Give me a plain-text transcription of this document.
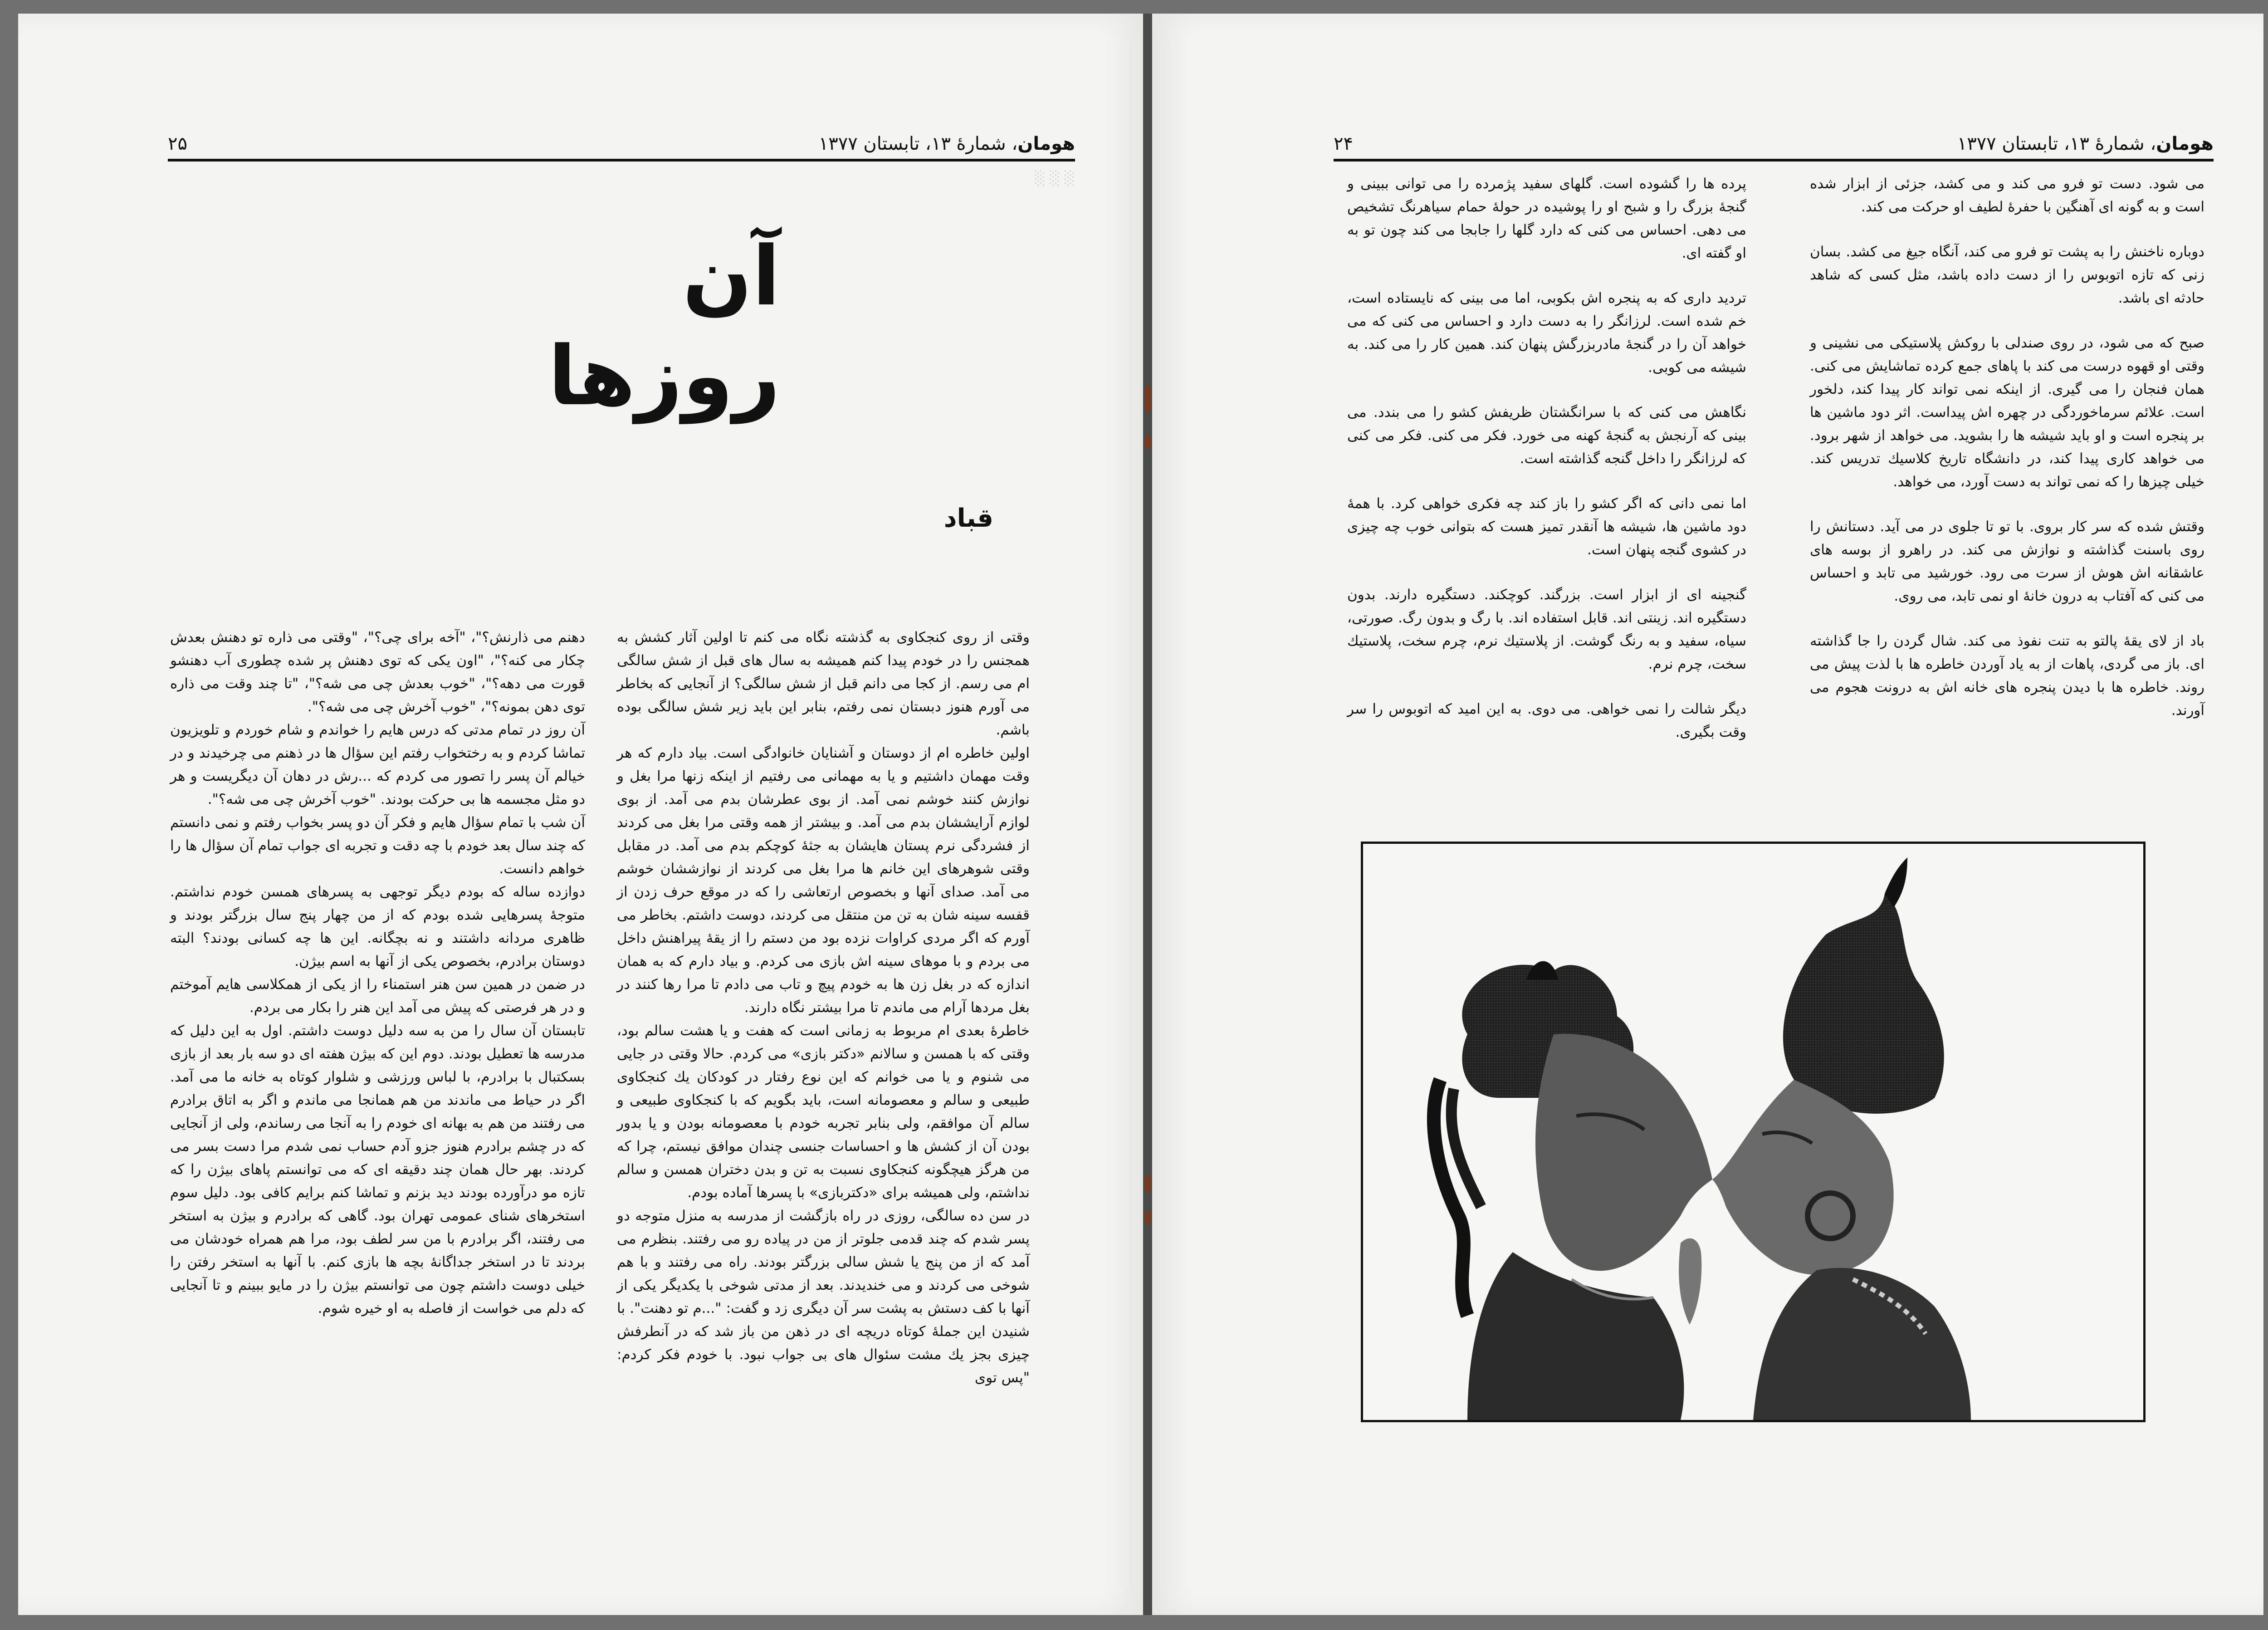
░ ░ ░
هومان، شمارهٔ ۱۳، تابستان ۱۳۷۷
۲۵
آن روزها
قباد

وقتی از روی کنجکاوی به گذشته نگاه می کنم تا اولین آثار کشش به همجنس را در خودم پیدا کنم همیشه به سال های قبل از شش سالگی ام می رسم. از کجا می دانم قبل از شش سالگی؟ از آنجایی که بخاطر می آورم هنوز دبستان نمی رفتم، بنابر این باید زیر شش سالگی بوده باشم.

اولین خاطره ام از دوستان و آشنایان خانوادگی است. بیاد دارم که هر وقت مهمان داشتیم و یا به مهمانی می رفتیم از اینکه زنها مرا بغل و نوازش کنند خوشم نمی آمد. از بوی عطرشان بدم می آمد. از بوی لوازم آرایششان بدم می آمد. و بیشتر از همه وقتی مرا بغل می کردند از فشردگی نرم پستان هایشان به جثهٔ کوچکم بدم می آمد. در مقابل وقتی شوهرهای این خانم ها مرا بغل می کردند از نوازششان خوشم می آمد. صدای آنها و بخصوص ارتعاشی را که در موقع حرف زدن از قفسه سینه شان به تن من منتقل می کردند، دوست داشتم. بخاطر می آورم که اگر مردی کراوات نزده بود من دستم را از یقهٔ پیراهنش داخل می بردم و با موهای سینه اش بازی می کردم. و بیاد دارم که به همان اندازه که در بغل زن ها به خودم پیچ و تاب می دادم تا مرا رها کنند در بغل مردها آرام می ماندم تا مرا بیشتر نگاه دارند.

خاطرهٔ بعدی ام مربوط به زمانی است که هفت و یا هشت سالم بود، وقتی که با همسن و سالانم «دکتر بازی» می کردم. حالا وقتی در جایی می شنوم و یا می خوانم که این نوع رفتار در کودکان یك کنجکاوی طبیعی و سالم و معصومانه است، باید بگویم که با کنجکاوی طبیعی و سالم آن موافقم، ولی بنابر تجربه خودم با معصومانه بودن و یا بدور بودن آن از کشش ها و احساسات جنسی چندان موافق نیستم، چرا که من هرگز هیچگونه کنجکاوی نسبت به تن و بدن دختران همسن و سالم نداشتم، ولی همیشه برای «دکتربازی» با پسرها آماده بودم.

در سن ده سالگی، روزی در راه بازگشت از مدرسه به منزل متوجه دو پسر شدم که چند قدمی جلوتر از من در پیاده رو می رفتند. بنظرم می آمد که از من پنج یا شش سالی بزرگتر بودند. راه می رفتند و با هم شوخی می کردند و می خندیدند. بعد از مدتی شوخی با یکدیگر یکی از آنها با کف دستش به پشت سر آن دیگری زد و گفت: "...م تو دهنت". با شنیدن این جملهٔ کوتاه دریچه ای در ذهن من باز شد که در آنطرفش چیزی بجز یك مشت سئوال های بی جواب نبود. با خودم فکر کردم: "پس توی

دهنم می ذارنش؟"، "آخه برای چی؟"، "وقتی می ذاره تو دهنش بعدش چکار می کنه؟"، "اون یکی که توی دهنش پر شده چطوری آب دهنشو قورت می دهه؟"، "خوب بعدش چی می شه؟"، "تا چند وقت می ذاره توی دهن بمونه؟"، "خوب آخرش چی می شه؟".

آن روز در تمام مدتی که درس هایم را خواندم و شام خوردم و تلویزیون تماشا کردم و به رختخواب رفتم این سؤال ها در ذهنم می چرخیدند و در خیالم آن پسر را تصور می کردم که ...رش در دهان آن دیگریست و هر دو مثل مجسمه ها بی حرکت بودند. "خوب آخرش چی می شه؟".

آن شب با تمام سؤال هایم و فکر آن دو پسر بخواب رفتم و نمی دانستم که چند سال بعد خودم با چه دقت و تجربه ای جواب تمام آن سؤال ها را خواهم دانست.

دوازده ساله که بودم دیگر توجهی به پسرهای همسن خودم نداشتم. متوجهٔ پسرهایی شده بودم که از من چهار پنج سال بزرگتر بودند و ظاهری مردانه داشتند و نه بچگانه. این ها چه کسانی بودند؟ البته دوستان برادرم، بخصوص یکی از آنها به اسم بیژن.

در ضمن در همین سن هنر استمناء را از یکی از همکلاسی هایم آموختم و در هر فرصتی که پیش می آمد این هنر را بکار می بردم.

تابستان آن سال را من به سه دلیل دوست داشتم. اول به این دلیل که مدرسه ها تعطیل بودند. دوم این که بیژن هفته ای دو سه بار بعد از بازی بسکتبال با برادرم، با لباس ورزشی و شلوار کوتاه به خانه ما می آمد. اگر در حیاط می ماندند من هم همانجا می ماندم و اگر به اتاق برادرم می رفتند من هم به بهانه ای خودم را به آنجا می رساندم، ولی از آنجایی که در چشم برادرم هنوز جزو آدم حساب نمی شدم مرا دست بسر می کردند. بهر حال همان چند دقیقه ای که می توانستم پاهای بیژن را که تازه مو درآورده بودند دید بزنم و تماشا کنم برایم کافی بود. دلیل سوم استخرهای شنای عمومی تهران بود. گاهی که برادرم و بیژن به استخر می رفتند، اگر برادرم با من سر لطف بود، مرا هم همراه خودشان می بردند تا در استخر جداگانهٔ بچه ها بازی کنم. با آنها به استخر رفتن را خیلی دوست داشتم چون می توانستم بیژن را در مایو ببینم و تا آنجایی که دلم می خواست از فاصله به او خیره شوم.

هومان، شمارهٔ ۱۳، تابستان ۱۳۷۷
۲۴

می شود. دست تو فرو می کند و می کشد، جزئی از ابزار شده است و به گونه ای آهنگین با حفرهٔ لطیف او حرکت می کند.

دوباره ناخنش را به پشت تو فرو می کند، آنگاه جیغ می کشد. بسان زنی که تازه اتوبوس را از دست داده باشد، مثل کسی که شاهد حادثه ای باشد.

صبح که می شود، در روی صندلی با روکش پلاستیکی می نشینی و وقتی او قهوه درست می کند با پاهای جمع کرده تماشایش می کنی. همان فنجان را می گیری. از اینکه نمی تواند کار پیدا کند، دلخور است. علائم سرماخوردگی در چهره اش پیداست. اثر دود ماشین ها بر پنجره است و او باید شیشه ها را بشوید. می خواهد از شهر برود. می خواهد کاری پیدا کند، در دانشگاه تاریخ کلاسیك تدریس کند. خیلی چیزها را که نمی تواند به دست آورد، می خواهد.

وقتش شده که سر کار بروی. با تو تا جلوی در می آید. دستانش را روی باسنت گذاشته و نوازش می کند. در راهرو از بوسه های عاشقانه اش هوش از سرت می رود. خورشید می تابد و احساس می کنی که آفتاب به درون خانهٔ او نمی تابد، می روی.

باد از لای یقهٔ پالتو به تنت نفوذ می کند. شال گردن را جا گذاشته ای. باز می گردی، پاهات از به یاد آوردن خاطره ها با لذت پیش می روند. خاطره ها با دیدن پنجره های خانه اش به درونت هجوم می آورند.

پرده ها را گشوده است. گلهای سفید پژمرده را می توانی ببینی و گنجهٔ بزرگ را و شبح او را پوشیده در حولهٔ حمام سیاهرنگ تشخیص می دهی. احساس می کنی که دارد گلها را جابجا می کند چون تو به او گفته ای.

تردید داری که به پنجره اش بکوبی، اما می بینی که نایستاده است، خم شده است. لرزانگر را به دست دارد و احساس می کنی که می خواهد آن را در گنجهٔ مادربزرگش پنهان کند. همین کار را می کند. به شیشه می کوبی.

نگاهش می کنی که با سرانگشتان ظریفش کشو را می بندد. می بینی که آرنجش به گنجهٔ کهنه می خورد. فکر می کنی. فکر می کنی که لرزانگر را داخل گنجه گذاشته است.

اما نمی دانی که اگر کشو را باز کند چه فکری خواهی کرد. با همهٔ دود ماشین ها، شیشه ها آنقدر تمیز هست که بتوانی خوب چه چیزی در کشوی گنجه پنهان است.

گنجینه ای از ابزار است. بزرگند. کوچکند. دستگیره دارند. بدون دستگیره اند. زینتی اند. قابل استفاده اند. با رگ و بدون رگ. صورتی، سیاه، سفید و به رنگ گوشت. از پلاستیك نرم، چرم سخت، پلاستیك سخت، چرم نرم.

دیگر شالت را نمی خواهی. می دوی. به این امید که اتوبوس را سر وقت بگیری.
